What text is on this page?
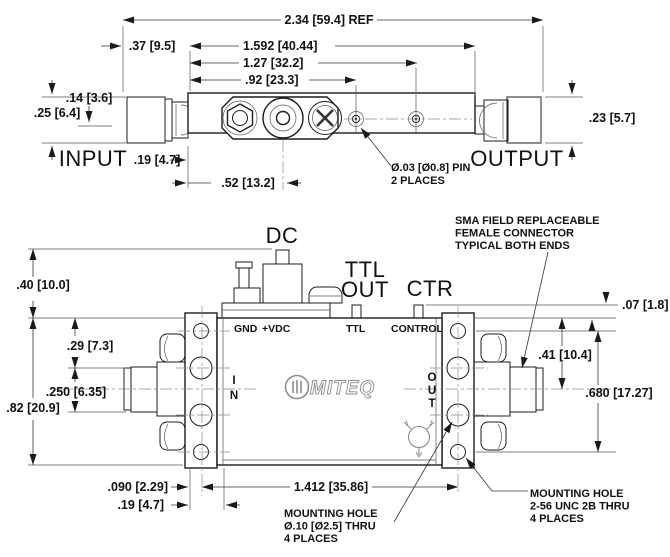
2.34 [59.4] REF
.37 [9.5]	1.592 [40.44]
1.27 [32.2]
.92 [23.3]
.25 [6.4]
.14 [3.6]
.19 [4.7]
.52 [13.2]
.23 [5.7]
INPUT	OUTPUT
Ø.03 [Ø0.8] PIN
2 PLACES
MITEQ
GND +VDC	TTL CONTROL
I
N
O
U
T
DC
TTL
OUT CTR
SMA FIELD REPLACEABLE
FEMALE CONNECTOR
TYPICAL BOTH ENDS
.40 [10.0]
.82 [20.9]
.29 [7.3]
.250 [6.35]
.07 [1.8]
.41 [10.4]
.680 [17.27]
.090 [2.29]
.19 [4.7]
1.412 [35.86]
MOUNTING HOLE
Ø.10 [Ø2.5] THRU
4 PLACES
MOUNTING HOLE
2-56 UNC 2B THRU
4 PLACES
